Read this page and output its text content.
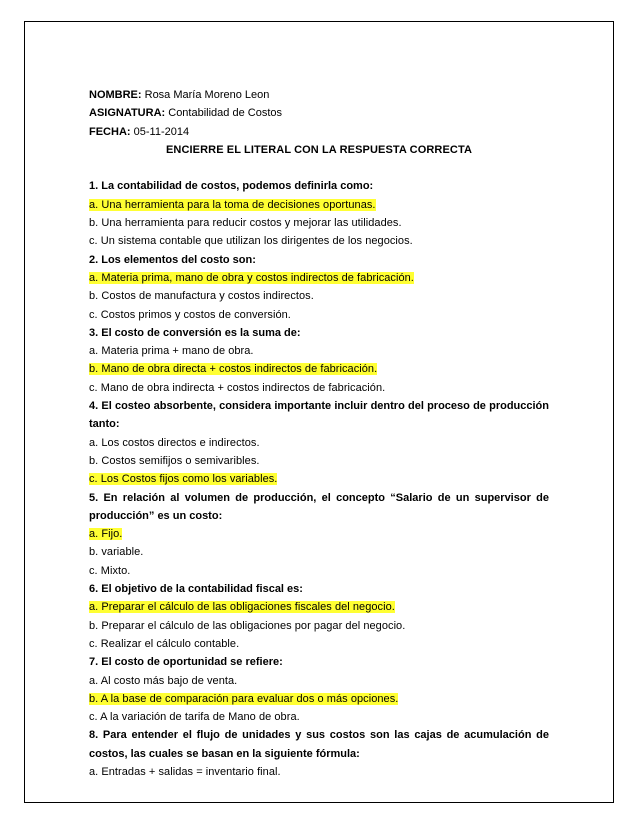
NOMBRE: Rosa María Moreno Leon
ASIGNATURA: Contabilidad de Costos
FECHA: 05-11-2014
ENCIERRE EL LITERAL CON LA RESPUESTA CORRECTA
1. La contabilidad de costos, podemos definirla como:
a. Una herramienta para la toma de decisiones oportunas.
b. Una herramienta para reducir costos y mejorar las utilidades.
c. Un sistema contable que utilizan los dirigentes de los negocios.
2. Los elementos del costo son:
a. Materia prima, mano de obra y costos indirectos de fabricación.
b. Costos de manufactura y costos indirectos.
c. Costos primos y costos de conversión.
3. El costo de conversión es la suma de:
a. Materia prima + mano de obra.
b. Mano de obra directa + costos indirectos de fabricación.
c. Mano de obra indirecta + costos indirectos de fabricación.
4. El costeo absorbente, considera importante incluir dentro del proceso de producción tanto:
a. Los costos directos e indirectos.
b. Costos semifijos o semivaribles.
c. Los Costos fijos como los variables.
5. En relación al volumen de producción, el concepto “Salario de un supervisor de producción” es un costo:
a. Fijo.
b. variable.
c. Mixto.
6. El objetivo de la contabilidad fiscal es:
a. Preparar el cálculo de las obligaciones fiscales del negocio.
b. Preparar el cálculo de las obligaciones por pagar del negocio.
c. Realizar el cálculo contable.
7. El costo de oportunidad se refiere:
a. Al costo más bajo de venta.
b. A la base de comparación para evaluar dos o más opciones.
c. A la variación de tarifa de Mano de obra.
8. Para entender el flujo de unidades y sus costos son las cajas de acumulación de costos, las cuales se basan en la siguiente fórmula:
a. Entradas + salidas = inventario final.
